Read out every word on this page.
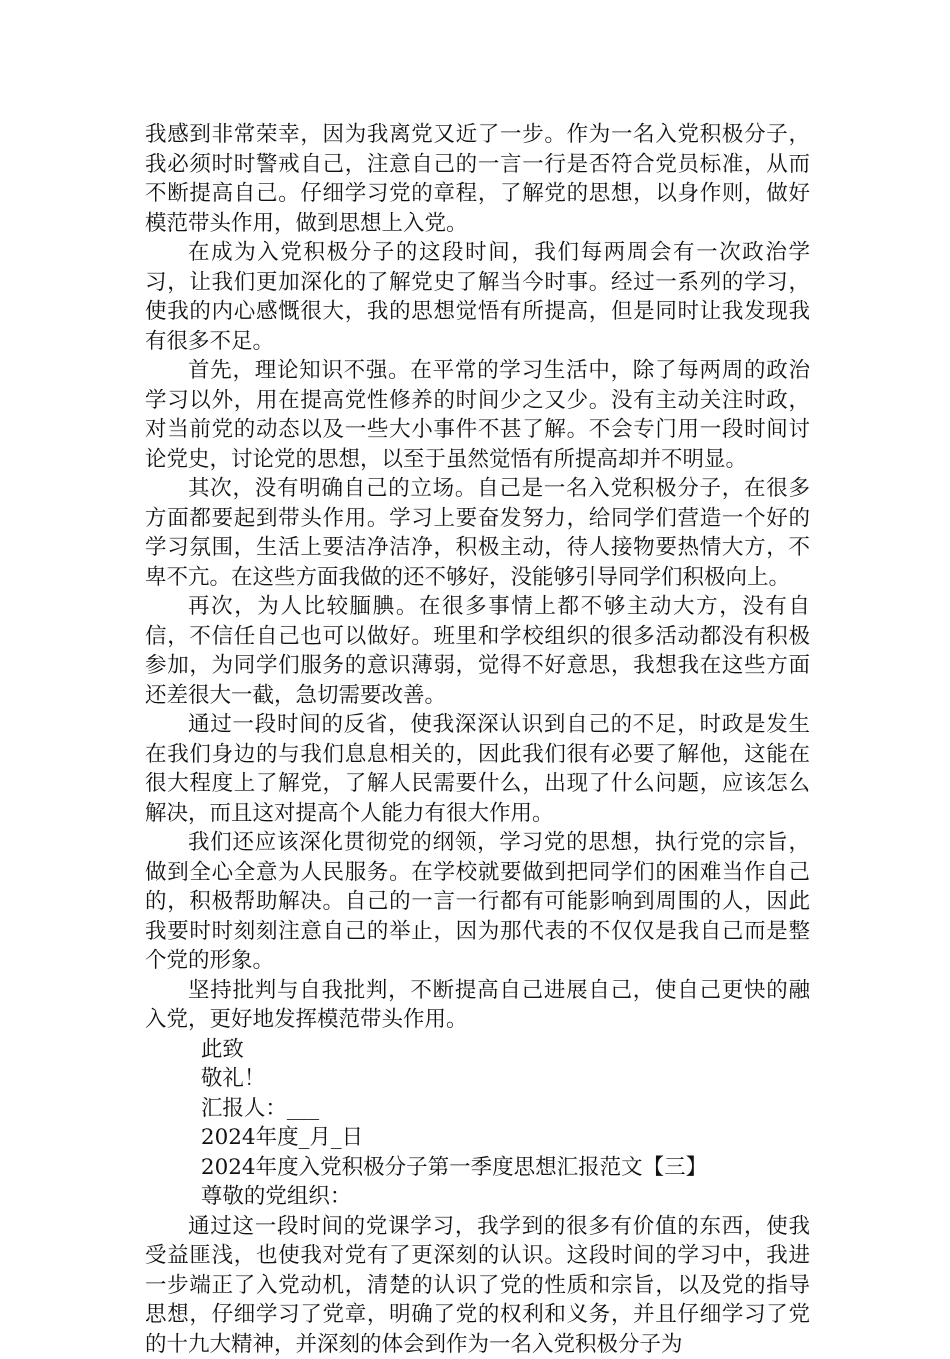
我感到非常荣幸，因为我离党又近了一步。作为一名入党积极分子，我必须时时警戒自己，注意自己的一言一行是否符合党员标准，从而不断提高自己。仔细学习党的章程，了解党的思想，以身作则，做好模范带头作用，做到思想上入党。

在成为入党积极分子的这段时间，我们每两周会有一次政治学习，让我们更加深化的了解党史了解当今时事。经过一系列的学习，使我的内心感慨很大，我的思想觉悟有所提高，但是同时让我发现我有很多不足。

首先，理论知识不强。在平常的学习生活中，除了每两周的政治学习以外，用在提高党性修养的时间少之又少。没有主动关注时政，对当前党的动态以及一些大小事件不甚了解。不会专门用一段时间讨论党史，讨论党的思想，以至于虽然觉悟有所提高却并不明显。

其次，没有明确自己的立场。自己是一名入党积极分子，在很多方面都要起到带头作用。学习上要奋发努力，给同学们营造一个好的学习氛围，生活上要洁净洁净，积极主动，待人接物要热情大方，不卑不亢。在这些方面我做的还不够好，没能够引导同学们积极向上。

再次，为人比较腼腆。在很多事情上都不够主动大方，没有自信，不信任自己也可以做好。班里和学校组织的很多活动都没有积极参加，为同学们服务的意识薄弱，觉得不好意思，我想我在这些方面还差很大一截，急切需要改善。

通过一段时间的反省，使我深深认识到自己的不足，时政是发生在我们身边的与我们息息相关的，因此我们很有必要了解他，这能在很大程度上了解党，了解人民需要什么，出现了什么问题，应该怎么解决，而且这对提高个人能力有很大作用。

我们还应该深化贯彻党的纲领，学习党的思想，执行党的宗旨，做到全心全意为人民服务。在学校就要做到把同学们的困难当作自己的，积极帮助解决。自己的一言一行都有可能影响到周围的人，因此我要时时刻刻注意自己的举止，因为那代表的不仅仅是我自己而是整个党的形象。

坚持批判与自我批判，不断提高自己进展自己，使自己更快的融入党，更好地发挥模范带头作用。

此致

敬礼！

汇报人：___

2024年度_月_日

2024年度入党积极分子第一季度思想汇报范文【三】

尊敬的党组织：

通过这一段时间的党课学习，我学到的很多有价值的东西，使我受益匪浅，也使我对党有了更深刻的认识。这段时间的学习中，我进一步端正了入党动机，清楚的认识了党的性质和宗旨，以及党的指导思想，仔细学习了党章，明确了党的权利和义务，并且仔细学习了党的十九大精神，并深刻的体会到作为一名入党积极分子为
